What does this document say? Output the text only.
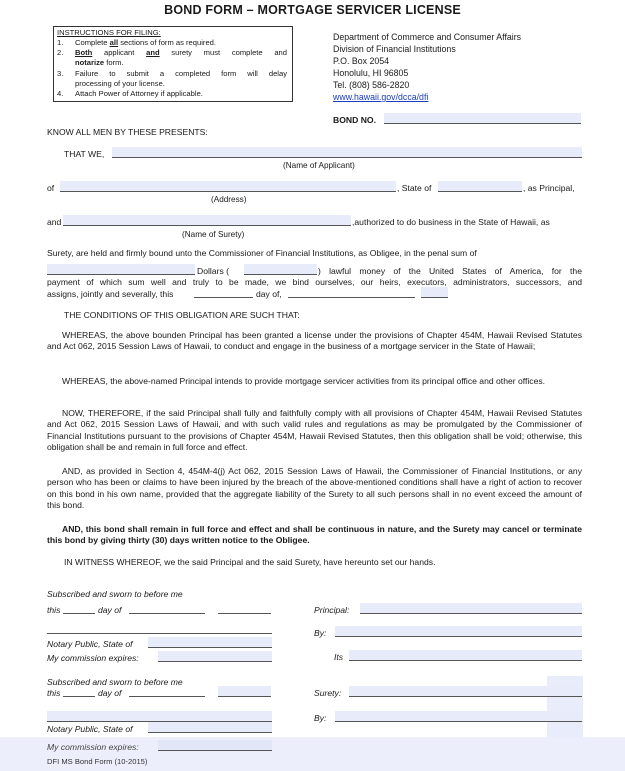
BOND FORM – MORTGAGE SERVICER LICENSE
INSTRUCTIONS FOR FILING:
1. Complete all sections of form as required.
2. Both applicant and surety must complete and
notarize form.
3. Failure to submit a completed form will delay
processing of your license.
4. Attach Power of Attorney if applicable.
Department of Commerce and Consumer Affairs
Division of Financial Institutions
P.O. Box 2054
Honolulu, HI 96805
Tel. (808) 586-2820
www.hawaii.gov/dcca/dfi
BOND NO.
KNOW ALL MEN BY THESE PRESENTS:
THAT WE,
(Name of Applicant)
of	, State of	, as Principal,
(Address)
and	,authorized to do business in the State of Hawaii, as
(Name of Surety)
Surety, are held and firmly bound unto the Commissioner of Financial Institutions, as Obligee, in the penal sum of
Dollars (	) lawful money of the United States of America, for the
payment of which sum well and truly to be made, we bind ourselves, our heirs, executors, administrators, successors, and
assigns, jointly and severally, this	day of,
THE CONDITIONS OF THIS OBLIGATION ARE SUCH THAT:
WHEREAS, the above bounden Principal has been granted a license under the provisions of Chapter 454M, Hawaii Revised Statutes and Act 062, 2015 Session Laws of Hawaii, to conduct and engage in the business of a mortgage servicer in the State of Hawaii;
WHEREAS, the above-named Principal intends to provide mortgage servicer activities from its principal office and other offices.
NOW, THEREFORE, if the said Principal shall fully and faithfully comply with all provisions of Chapter 454M, Hawaii Revised Statutes and Act 062, 2015 Session Laws of Hawaii, and with such valid rules and regulations as may be promulgated by the Commissioner of Financial Institutions pursuant to the provisions of Chapter 454M, Hawaii Revised Statutes, then this obligation shall be void; otherwise, this obligation shall be and remain in full force and effect.
AND, as provided in Section 4, 454M-4(j) Act 062, 2015 Session Laws of Hawaii, the Commissioner of Financial Institutions, or any person who has been or claims to have been injured by the breach of the above-mentioned conditions shall have a right of action to recover on this bond in his own name, provided that the aggregate liability of the Surety to all such persons shall in no event exceed the amount of this bond.
AND, this bond shall remain in full force and effect and shall be continuous in nature, and the Surety may cancel or terminate this bond by giving thirty (30) days written notice to the Obligee.
IN WITNESS WHEREOF, we the said Principal and the said Surety, have hereunto set our hands.
Subscribed and sworn to before me
this	day of	Principal:
By:
Its
Notary Public, State of
My commission expires:
Subscribed and sworn to before me
this	day of	Surety:
By:
Notary Public, State of
My commission expires:
DFI MS Bond Form (10-2015)
